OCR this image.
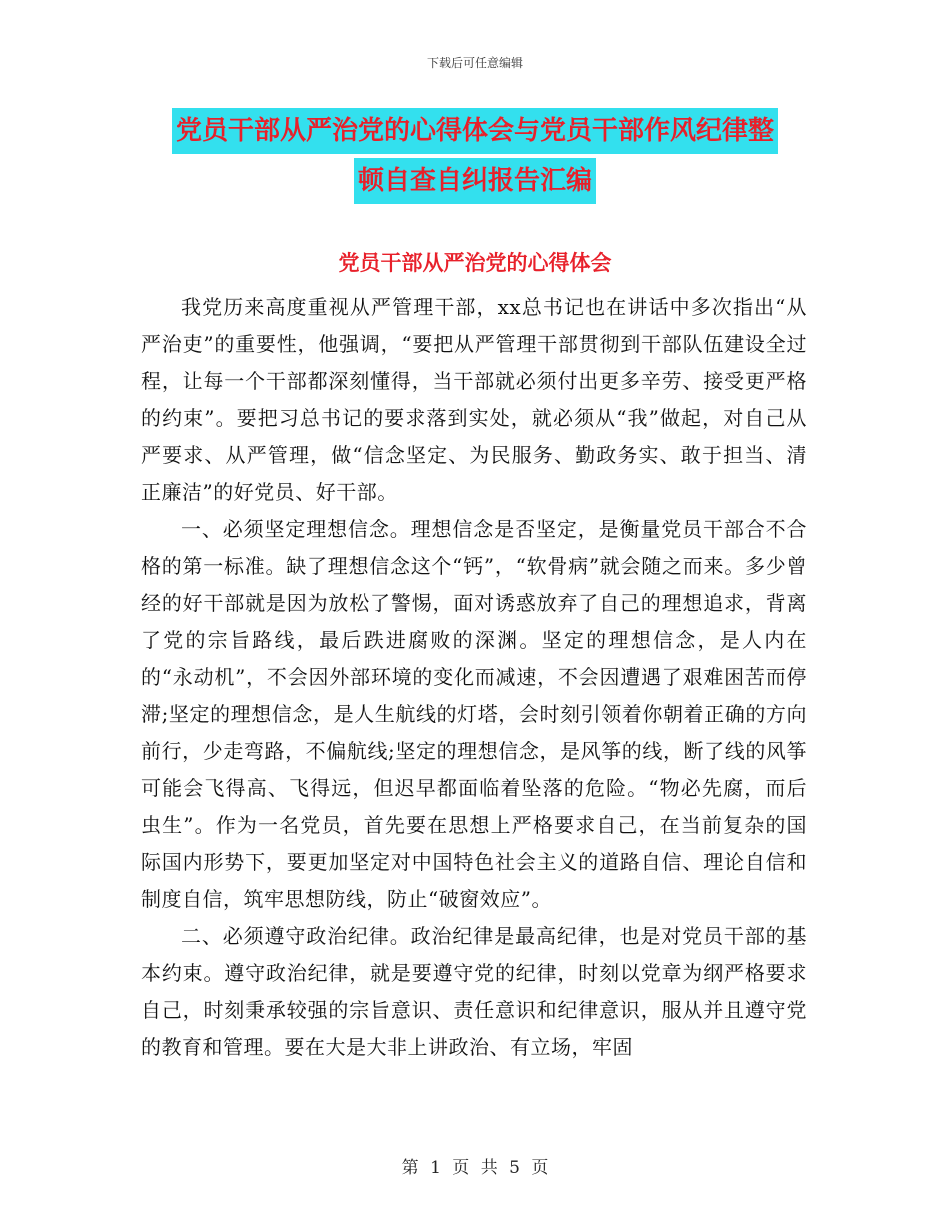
下载后可任意编辑
党员干部从严治党的心得体会与党员干部作风纪律整
顿自查自纠报告汇编
党员干部从严治党的心得体会

我党历来高度重视从严管理干部，xx总书记也在讲话中多次指出“从严治吏”的重要性，他强调，“要把从严管理干部贯彻到干部队伍建设全过程，让每一个干部都深刻懂得，当干部就必须付出更多辛劳、接受更严格的约束”。要把习总书记的要求落到实处，就必须从“我”做起，对自己从严要求、从严管理，做“信念坚定、为民服务、勤政务实、敢于担当、清正廉洁”的好党员、好干部。

一、必须坚定理想信念。理想信念是否坚定，是衡量党员干部合不合格的第一标准。缺了理想信念这个“钙”，“软骨病”就会随之而来。多少曾经的好干部就是因为放松了警惕，面对诱惑放弃了自己的理想追求，背离了党的宗旨路线，最后跌进腐败的深渊。坚定的理想信念，是人内在的“永动机”，不会因外部环境的变化而减速，不会因遭遇了艰难困苦而停滞;坚定的理想信念，是人生航线的灯塔，会时刻引领着你朝着正确的方向前行，少走弯路，不偏航线;坚定的理想信念，是风筝的线，断了线的风筝可能会飞得高、飞得远，但迟早都面临着坠落的危险。“物必先腐，而后虫生”。作为一名党员，首先要在思想上严格要求自己，在当前复杂的国际国内形势下，要更加坚定对中国特色社会主义的道路自信、理论自信和制度自信，筑牢思想防线，防止“破窗效应”。

二、必须遵守政治纪律。政治纪律是最高纪律，也是对党员干部的基本约束。遵守政治纪律，就是要遵守党的纪律，时刻以党章为纲严格要求自己，时刻秉承较强的宗旨意识、责任意识和纪律意识，服从并且遵守党的教育和管理。要在大是大非上讲政治、有立场，牢固

第 1 页 共 5 页
